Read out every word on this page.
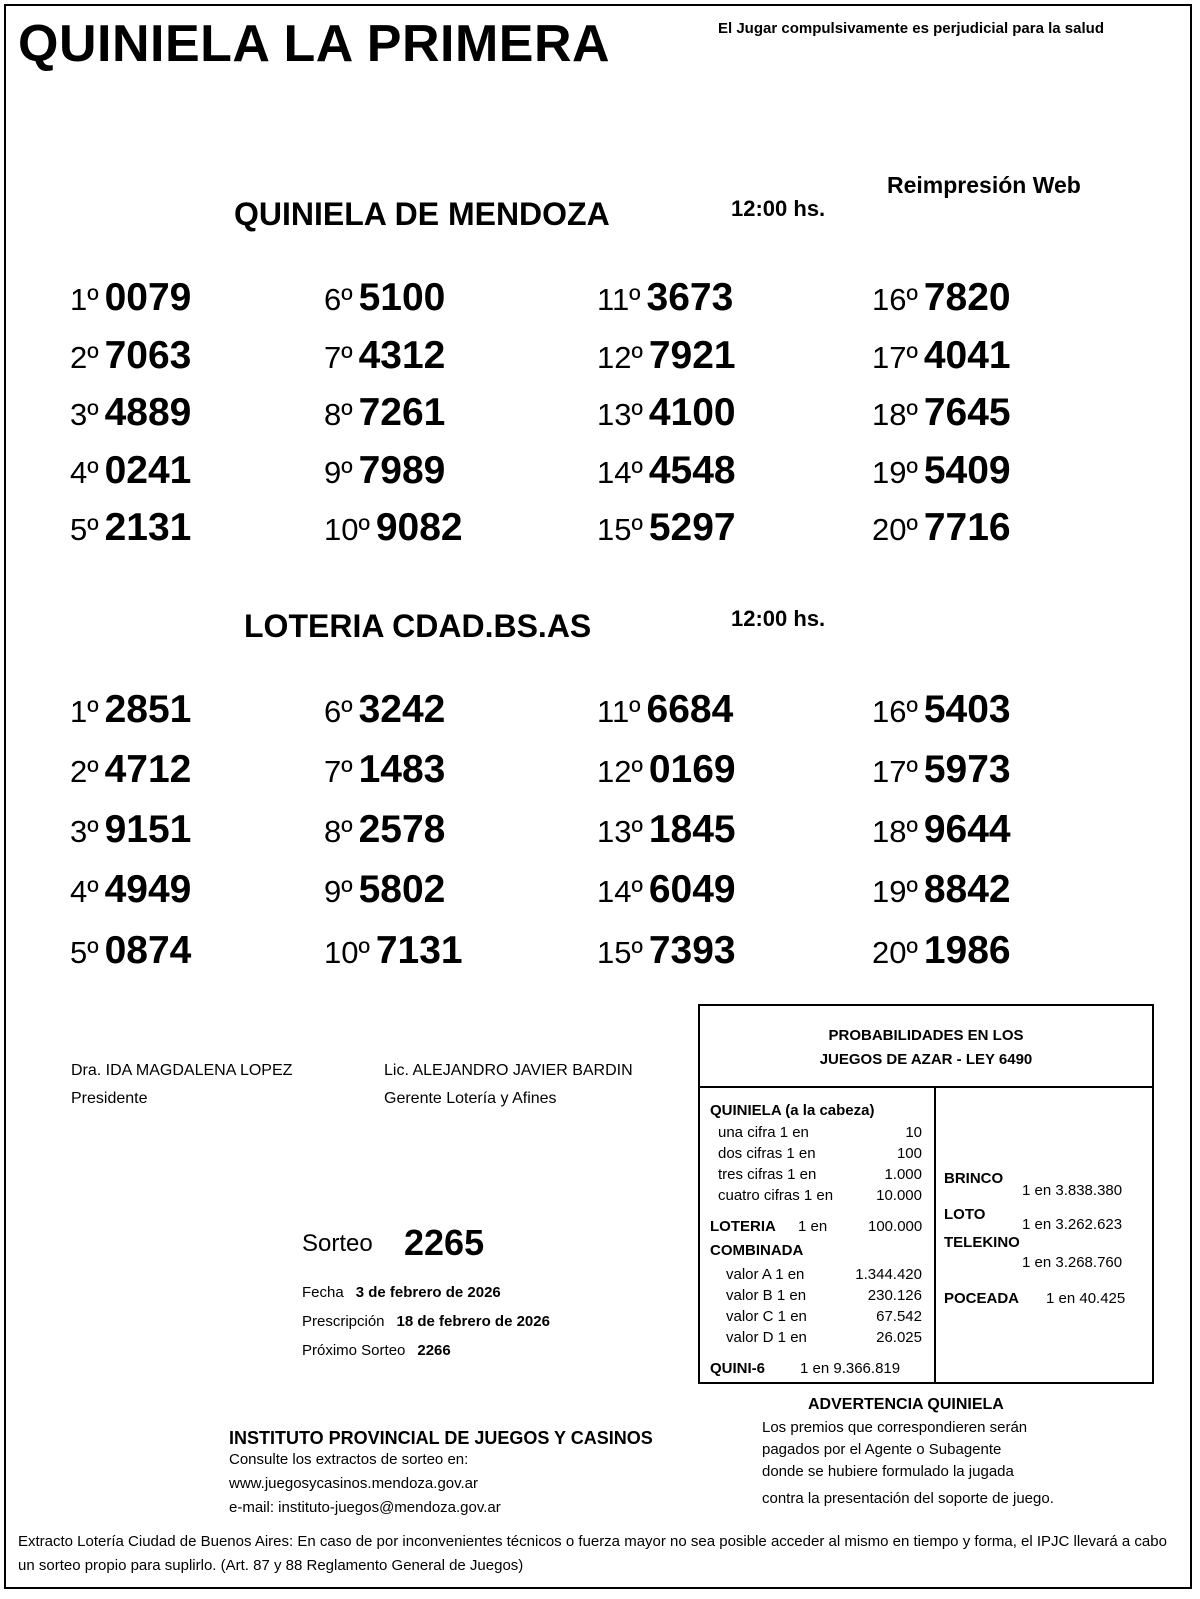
QUINIELA LA PRIMERA	El Jugar compulsivamente es perjudicial para la salud
Reimpresión Web
QUINIELA DE MENDOZA	12:00 hs.
1º 0079
2º 7063
3º 4889
4º 0241
5º 2131
6º 5100
7º 4312
8º 7261
9º 7989
10º 9082
11º 3673
12º 7921
13º 4100
14º 4548
15º 5297
16º 7820
17º 4041
18º 7645
19º 5409
20º 7716
LOTERIA CDAD.BS.AS	12:00 hs.
1º 2851
2º 4712
3º 9151
4º 4949
5º 0874
6º 3242
7º 1483
8º 2578
9º 5802
10º 7131
11º 6684
12º 0169
13º 1845
14º 6049
15º 7393
16º 5403
17º 5973
18º 9644
19º 8842
20º 1986
Dra. IDA MAGDALENA LOPEZ
Presidente
Lic. ALEJANDRO JAVIER BARDIN
Gerente Lotería y Afines
Sorteo 2265
Fecha 3 de febrero de 2026
Prescripción 18 de febrero de 2026
Próximo Sorteo 2266
PROBABILIDADES EN LOS
JUEGOS DE AZAR - LEY 6490
QUINIELA (a la cabeza)
una cifra 1 en	10
dos cifras 1 en	100
tres cifras 1 en	1.000
cuatro cifras 1 en	10.000
LOTERIA 1 en	100.000
COMBINADA
valor A 1 en	1.344.420
valor B 1 en	230.126
valor C 1 en	67.542
valor D 1 en	26.025
QUINI-6 1 en 9.366.819
BRINCO
1 en 3.838.380
LOTO
1 en 3.262.623
TELEKINO
1 en 3.268.760
POCEADA 1 en 40.425
ADVERTENCIA QUINIELA
Los premios que correspondieren serán
pagados por el Agente o Subagente
donde se hubiere formulado la jugada
contra la presentación del soporte de juego.
INSTITUTO PROVINCIAL DE JUEGOS Y CASINOS
Consulte los extractos de sorteo en:
www.juegosycasinos.mendoza.gov.ar
e-mail: instituto-juegos@mendoza.gov.ar
Extracto Lotería Ciudad de Buenos Aires: En caso de por inconvenientes técnicos o fuerza mayor no sea posible acceder al mismo en tiempo y forma, el IPJC llevará a cabo un sorteo propio para suplirlo. (Art. 87 y 88 Reglamento General de Juegos)
